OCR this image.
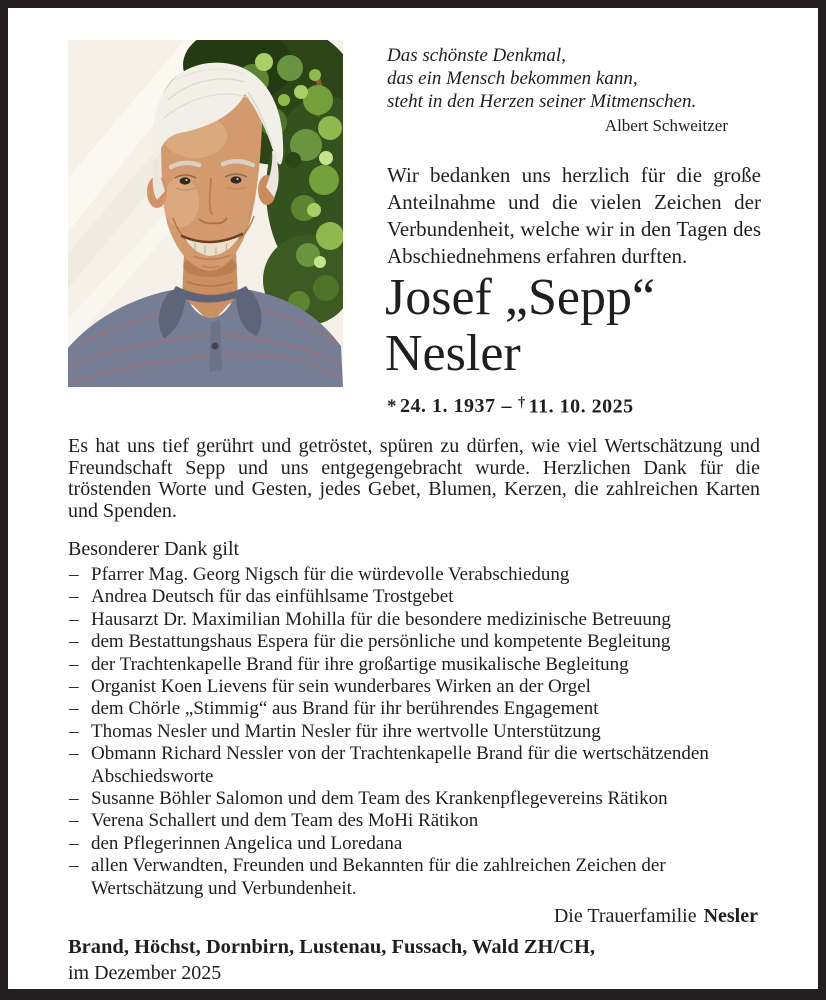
Das schönste Denkmal,
das ein Mensch bekommen kann,
steht in den Herzen seiner Mitmenschen.
Albert Schweitzer
Wir bedanken uns herzlich für die große Anteilnahme und die vielen Zeichen der Verbundenheit, welche wir in den Tagen des Abschiednehmens erfahren durften.
Josef „Sepp“
Nesler
* 24. 1. 1937 – † 11. 10. 2025
Es hat uns tief gerührt und getröstet, spüren zu dürfen, wie viel Wertschätzung und Freundschaft Sepp und uns entgegengebracht wurde. Herzlichen Dank für die tröstenden Worte und Gesten, jedes Gebet, Blumen, Kerzen, die zahlreichen Karten und Spenden.
Besonderer Dank gilt
– Pfarrer Mag. Georg Nigsch für die würdevolle Verabschiedung
– Andrea Deutsch für das einfühlsame Trostgebet
– Hausarzt Dr. Maximilian Mohilla für die besondere medizinische Betreuung
– dem Bestattungshaus Espera für die persönliche und kompetente Begleitung
– der Trachtenkapelle Brand für ihre großartige musikalische Begleitung
– Organist Koen Lievens für sein wunderbares Wirken an der Orgel
– dem Chörle „Stimmig“ aus Brand für ihr berührendes Engagement
– Thomas Nesler und Martin Nesler für ihre wertvolle Unterstützung
– Obmann Richard Nessler von der Trachtenkapelle Brand für die wertschätzenden Abschiedsworte
– Susanne Böhler Salomon und dem Team des Krankenpflegevereins Rätikon
– Verena Schallert und dem Team des MoHi Rätikon
– den Pflegerinnen Angelica und Loredana
– allen Verwandten, Freunden und Bekannten für die zahlreichen Zeichen der Wertschätzung und Verbundenheit.
Die Trauerfamilie Nesler
Brand, Höchst, Dornbirn, Lustenau, Fussach, Wald ZH/CH,
im Dezember 2025
